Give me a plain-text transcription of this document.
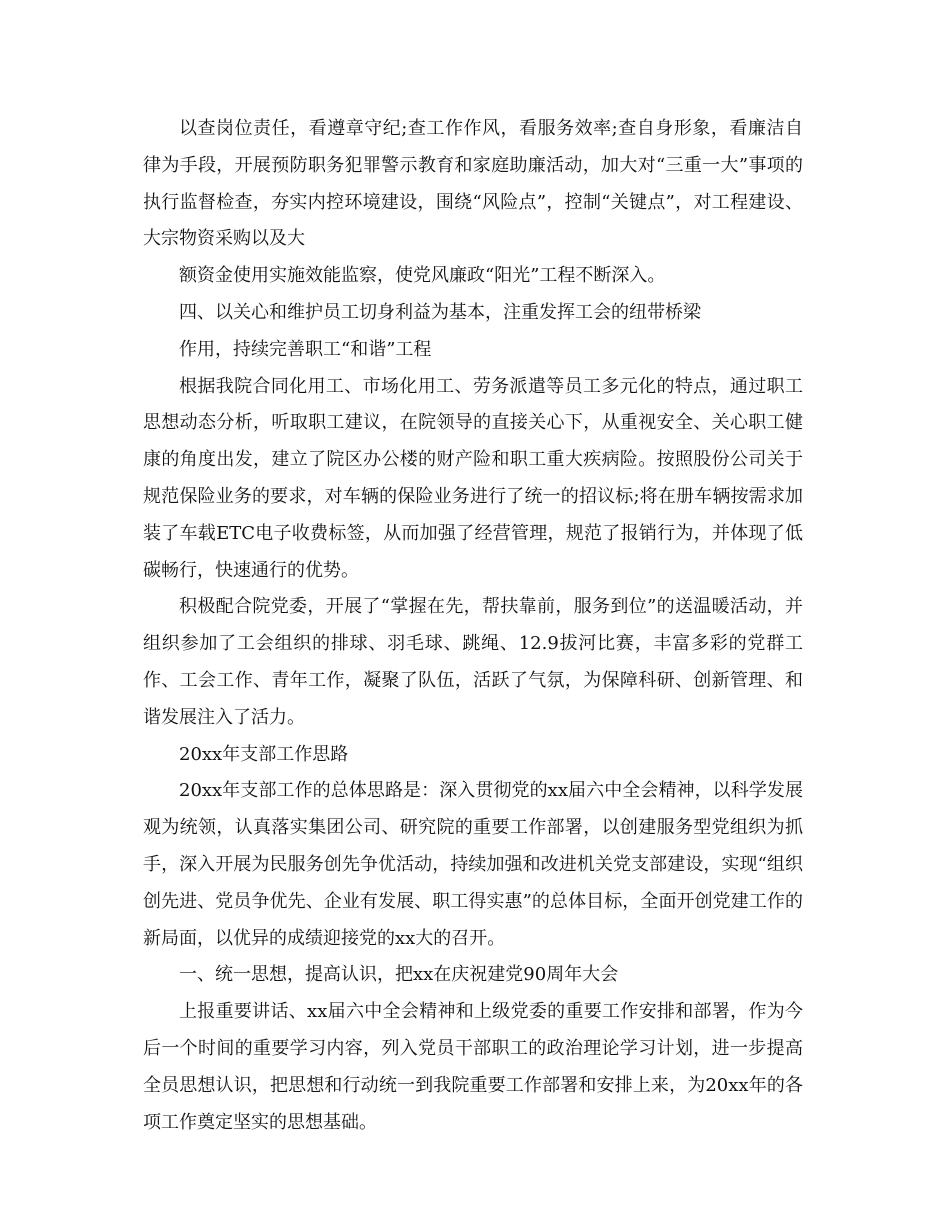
以查岗位责任，看遵章守纪;查工作作风，看服务效率;查自身形象，看廉洁自律为手段，开展预防职务犯罪警示教育和家庭助廉活动，加大对“三重一大”事项的执行监督检查，夯实内控环境建设，围绕“风险点”，控制“关键点”，对工程建设、大宗物资采购以及大

额资金使用实施效能监察，使党风廉政“阳光”工程不断深入。

四、以关心和维护员工切身利益为基本，注重发挥工会的纽带桥梁

作用，持续完善职工“和谐”工程

根据我院合同化用工、市场化用工、劳务派遣等员工多元化的特点，通过职工思想动态分析，听取职工建议，在院领导的直接关心下，从重视安全、关心职工健康的角度出发，建立了院区办公楼的财产险和职工重大疾病险。按照股份公司关于规范保险业务的要求，对车辆的保险业务进行了统一的招议标;将在册车辆按需求加装了车载ETC电子收费标签，从而加强了经营管理，规范了报销行为，并体现了低碳畅行，快速通行的优势。

积极配合院党委，开展了“掌握在先，帮扶靠前，服务到位”的送温暖活动，并组织参加了工会组织的排球、羽毛球、跳绳、12.9拔河比赛，丰富多彩的党群工作、工会工作、青年工作，凝聚了队伍，活跃了气氛，为保障科研、创新管理、和谐发展注入了活力。

20xx年支部工作思路

20xx年支部工作的总体思路是：深入贯彻党的xx届六中全会精神，以科学发展观为统领，认真落实集团公司、研究院的重要工作部署，以创建服务型党组织为抓手，深入开展为民服务创先争优活动，持续加强和改进机关党支部建设，实现“组织创先进、党员争优先、企业有发展、职工得实惠”的总体目标，全面开创党建工作的新局面，以优异的成绩迎接党的xx大的召开。

一、统一思想，提高认识，把xx在庆祝建党90周年大会

上报重要讲话、xx届六中全会精神和上级党委的重要工作安排和部署，作为今后一个时间的重要学习内容，列入党员干部职工的政治理论学习计划，进一步提高全员思想认识，把思想和行动统一到我院重要工作部署和安排上来，为20xx年的各项工作奠定坚实的思想基础。
